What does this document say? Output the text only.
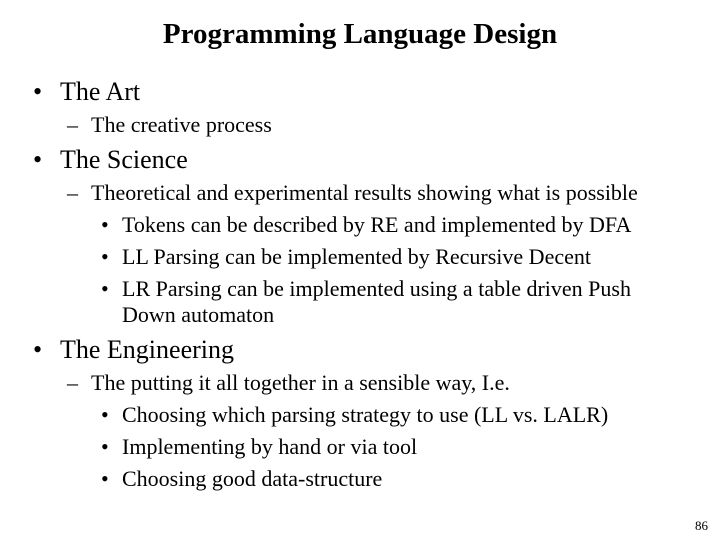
Programming Language Design
• The Art
– The creative process
• The Science
– Theoretical and experimental results showing what is possible
• Tokens can be described by RE and implemented by DFA
• LL Parsing can be implemented by Recursive Decent
• LR Parsing can be implemented using a table driven Push
Down automaton
• The Engineering
– The putting it all together in a sensible way, I.e.
• Choosing which parsing strategy to use (LL vs. LALR)
• Implementing by hand or via tool
• Choosing good data-structure
86
